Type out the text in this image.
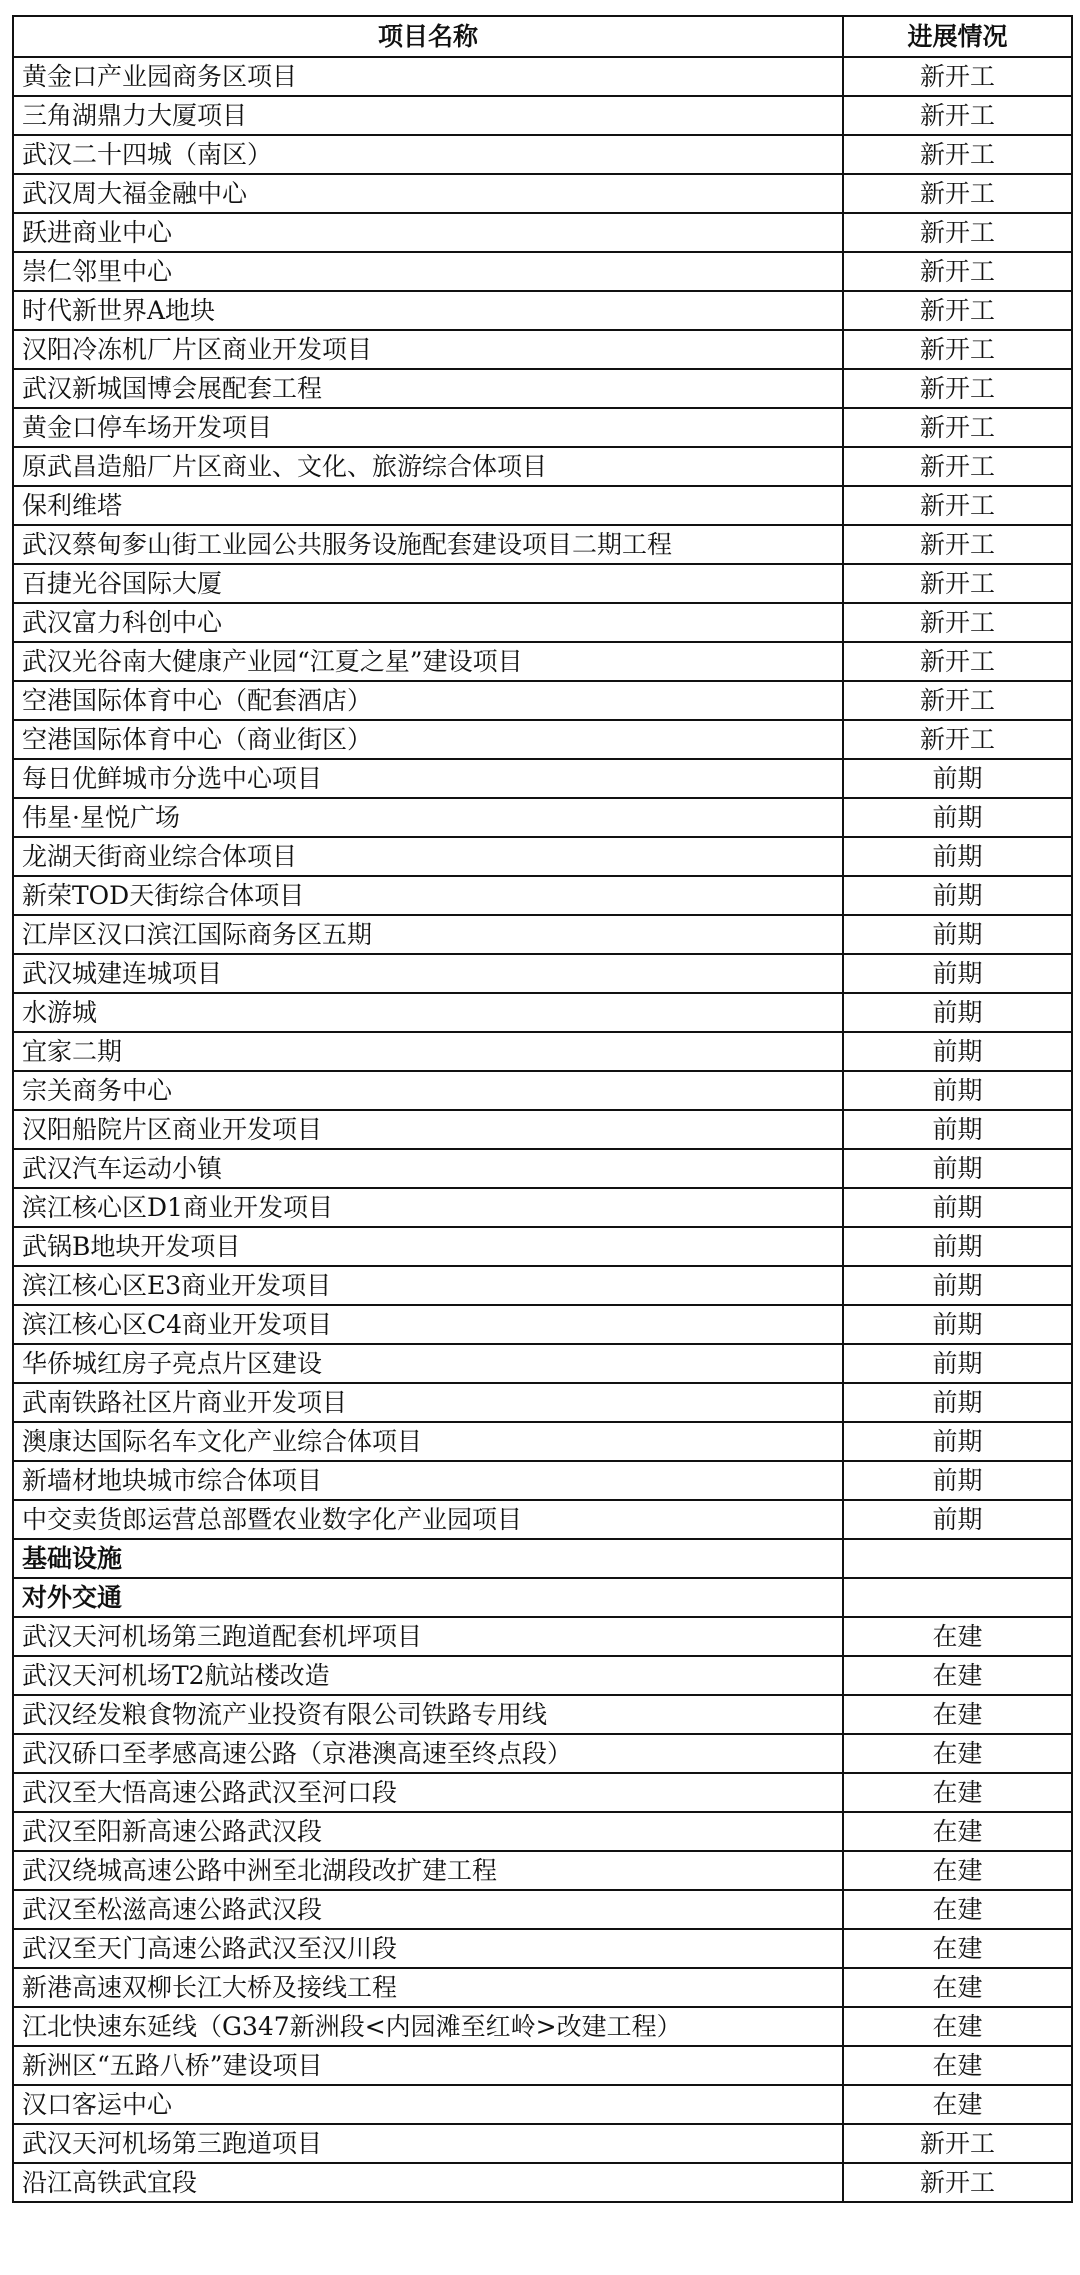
项目名称	进展情况
黄金口产业园商务区项目	新开工
三角湖鼎力大厦项目	新开工
武汉二十四城（南区）	新开工
武汉周大福金融中心	新开工
跃进商业中心	新开工
崇仁邻里中心	新开工
时代新世界A地块	新开工
汉阳冷冻机厂片区商业开发项目	新开工
武汉新城国博会展配套工程	新开工
黄金口停车场开发项目	新开工
原武昌造船厂片区商业、文化、旅游综合体项目	新开工
保利维塔	新开工
武汉蔡甸奓山街工业园公共服务设施配套建设项目二期工程	新开工
百捷光谷国际大厦	新开工
武汉富力科创中心	新开工
武汉光谷南大健康产业园“江夏之星”建设项目	新开工
空港国际体育中心（配套酒店）	新开工
空港国际体育中心（商业街区）	新开工
每日优鲜城市分选中心项目	前期
伟星·星悦广场	前期
龙湖天街商业综合体项目	前期
新荣TOD天街综合体项目	前期
江岸区汉口滨江国际商务区五期	前期
武汉城建连城项目	前期
水游城	前期
宜家二期	前期
宗关商务中心	前期
汉阳船院片区商业开发项目	前期
武汉汽车运动小镇	前期
滨江核心区D1商业开发项目	前期
武锅B地块开发项目	前期
滨江核心区E3商业开发项目	前期
滨江核心区C4商业开发项目	前期
华侨城红房子亮点片区建设	前期
武南铁路社区片商业开发项目	前期
澳康达国际名车文化产业综合体项目	前期
新墙材地块城市综合体项目	前期
中交卖货郎运营总部暨农业数字化产业园项目	前期
基础设施	
对外交通	
武汉天河机场第三跑道配套机坪项目	在建
武汉天河机场T2航站楼改造	在建
武汉经发粮食物流产业投资有限公司铁路专用线	在建
武汉硚口至孝感高速公路（京港澳高速至终点段）	在建
武汉至大悟高速公路武汉至河口段	在建
武汉至阳新高速公路武汉段	在建
武汉绕城高速公路中洲至北湖段改扩建工程	在建
武汉至松滋高速公路武汉段	在建
武汉至天门高速公路武汉至汉川段	在建
新港高速双柳长江大桥及接线工程	在建
江北快速东延线（G347新洲段<内园滩至红岭>改建工程）	在建
新洲区“五路八桥”建设项目	在建
汉口客运中心	在建
武汉天河机场第三跑道项目	新开工
沿江高铁武宜段	新开工
